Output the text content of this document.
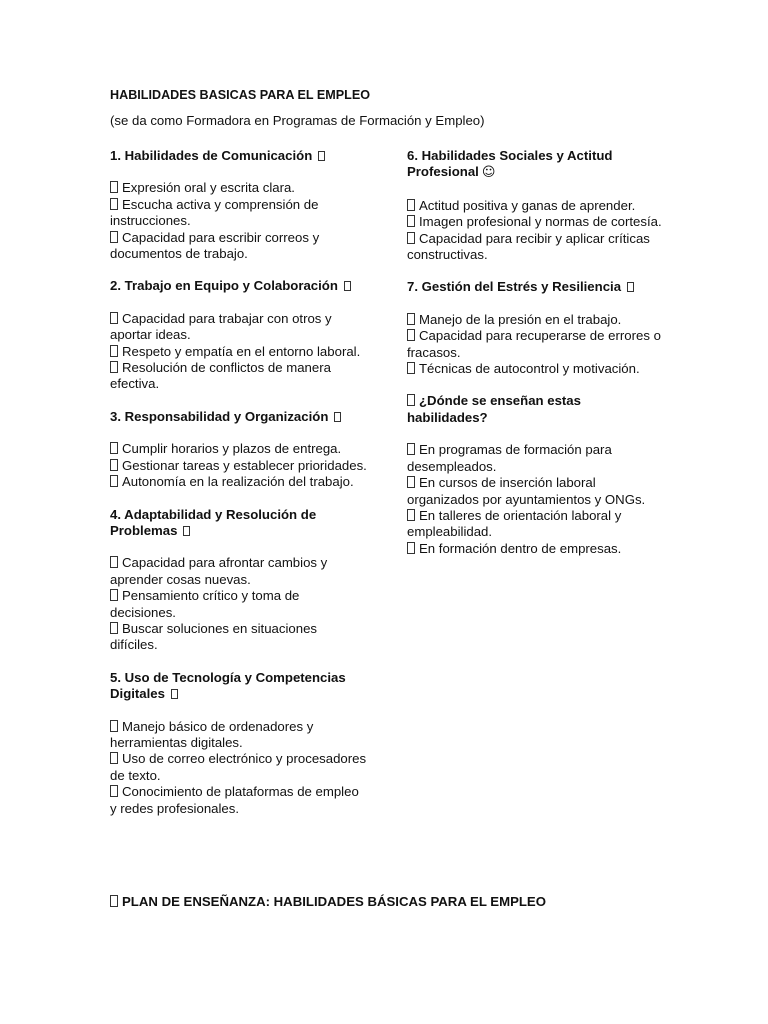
HABILIDADES BASICAS PARA EL EMPLEO

(se da como Formadora en Programas de Formación y Empleo)

1. Habilidades de Comunicación

Expresión oral y escrita clara.
Escucha activa y comprensión de instrucciones.
Capacidad para escribir correos y documentos de trabajo.

2. Trabajo en Equipo y Colaboración

Capacidad para trabajar con otros y aportar ideas.
Respeto y empatía en el entorno laboral.
Resolución de conflictos de manera efectiva.

3. Responsabilidad y Organización

Cumplir horarios y plazos de entrega.
Gestionar tareas y establecer prioridades.
Autonomía en la realización del trabajo.

4. Adaptabilidad y Resolución de Problemas

Capacidad para afrontar cambios y aprender cosas nuevas.
Pensamiento crítico y toma de decisiones.
Buscar soluciones en situaciones difíciles.

5. Uso de Tecnología y Competencias Digitales

Manejo básico de ordenadores y herramientas digitales.
Uso de correo electrónico y procesadores de texto.
Conocimiento de plataformas de empleo y redes profesionales.

6. Habilidades Sociales y Actitud Profesional ☺

Actitud positiva y ganas de aprender.
Imagen profesional y normas de cortesía.
Capacidad para recibir y aplicar críticas constructivas.

7. Gestión del Estrés y Resiliencia

Manejo de la presión en el trabajo.
Capacidad para recuperarse de errores o fracasos.
Técnicas de autocontrol y motivación.

¿Dónde se enseñan estas habilidades?

En programas de formación para desempleados.
En cursos de inserción laboral organizados por ayuntamientos y ONGs.
En talleres de orientación laboral y empleabilidad.
En formación dentro de empresas.

PLAN DE ENSEÑANZA: HABILIDADES BÁSICAS PARA EL EMPLEO
